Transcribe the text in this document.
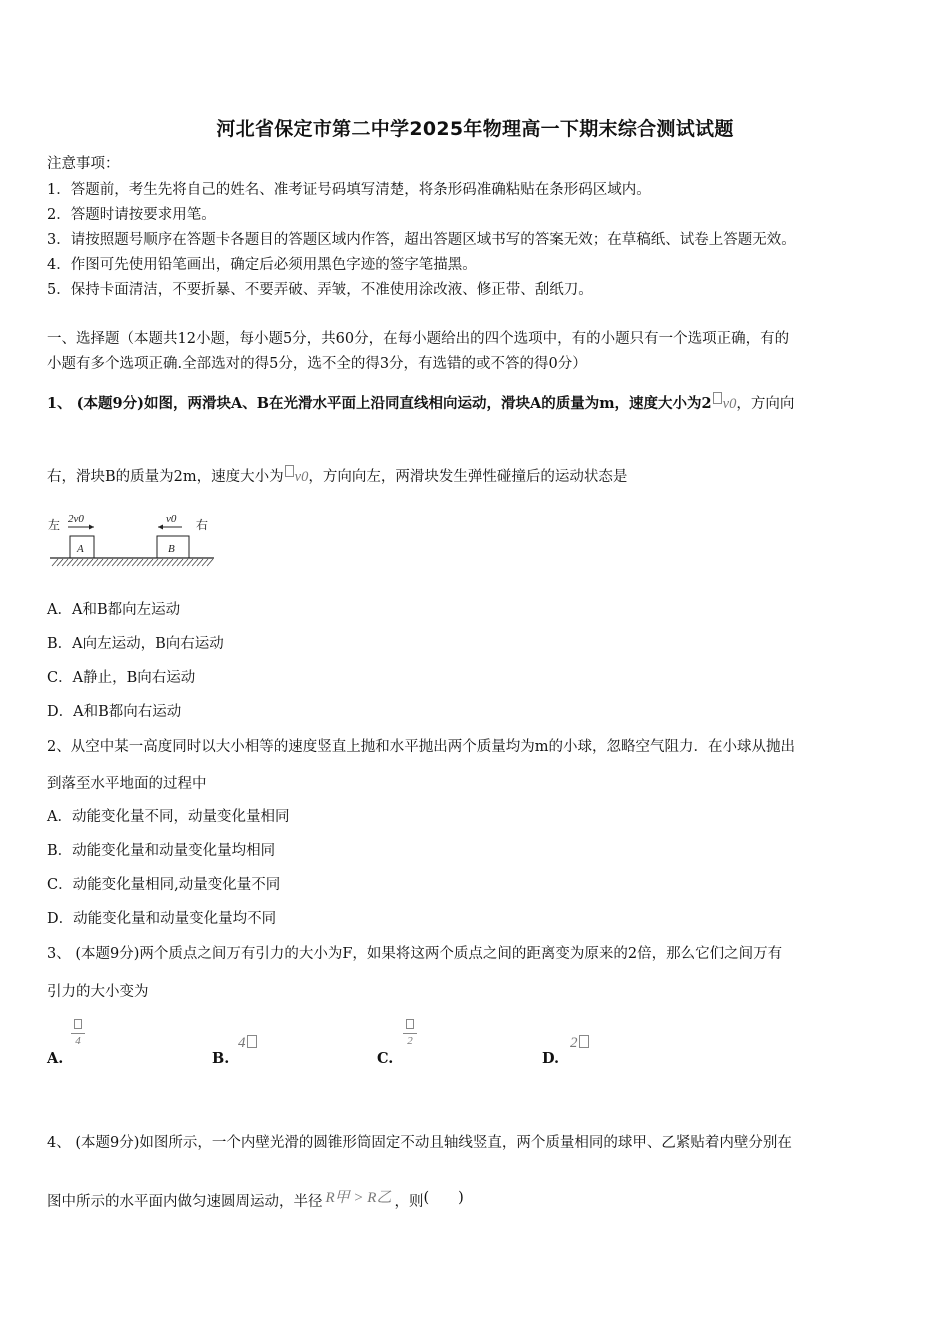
河北省保定市第二中学2025年物理高一下期末综合测试试题
注意事项：
1．答题前，考生先将自己的姓名、准考证号码填写清楚，将条形码准确粘贴在条形码区域内。
2．答题时请按要求用笔。
3．请按照题号顺序在答题卡各题目的答题区域内作答，超出答题区域书写的答案无效；在草稿纸、试卷上答题无效。
4．作图可先使用铅笔画出，确定后必须用黑色字迹的签字笔描黑。
5．保持卡面清洁，不要折暴、不要弄破、弄皱，不准使用涂改液、修正带、刮纸刀。
一、选择题（本题共12小题，每小题5分，共60分，在每小题给出的四个选项中，有的小题只有一个选项正确，有的
小题有多个选项正确.全部选对的得5分，选不全的得3分，有选错的或不答的得0分）
1、 (本题9分)如图，两滑块A、B在光滑水平面上沿同直线相向运动，滑块A的质量为m，速度大小为2 v0，方向向
右，滑块B的质量为2m，速度大小为 v0，方向向左，两滑块发生弹性碰撞后的运动状态是
左	右
2v0	v0
A	B
A．A和B都向左运动
B．A向左运动，B向右运动
C．A静止，B向右运动
D．A和B都向右运动
2、从空中某一高度同时以大小相等的速度竖直上抛和水平抛出两个质量均为m的小球，忽略空气阻力．在小球从抛出
到落至水平地面的过程中
A．动能变化量不同，动量变化量相同
B．动能变化量和动量变化量均相同
C．动能变化量相同,动量变化量不同
D．动能变化量和动量变化量均不同
3、 (本题9分)两个质点之间万有引力的大小为F，如果将这两个质点之间的距离变为原来的2倍，那么它们之间万有
引力的大小变为
A.
4
B.
4
C.
2
D.
2
4、 (本题9分)如图所示，一个内壁光滑的圆锥形筒固定不动且轴线竖直，两个质量相同的球甲、乙紧贴着内壁分别在
图中所示的水平面内做匀速圆周运动，半径 R甲 > R乙 ，则(　　)
